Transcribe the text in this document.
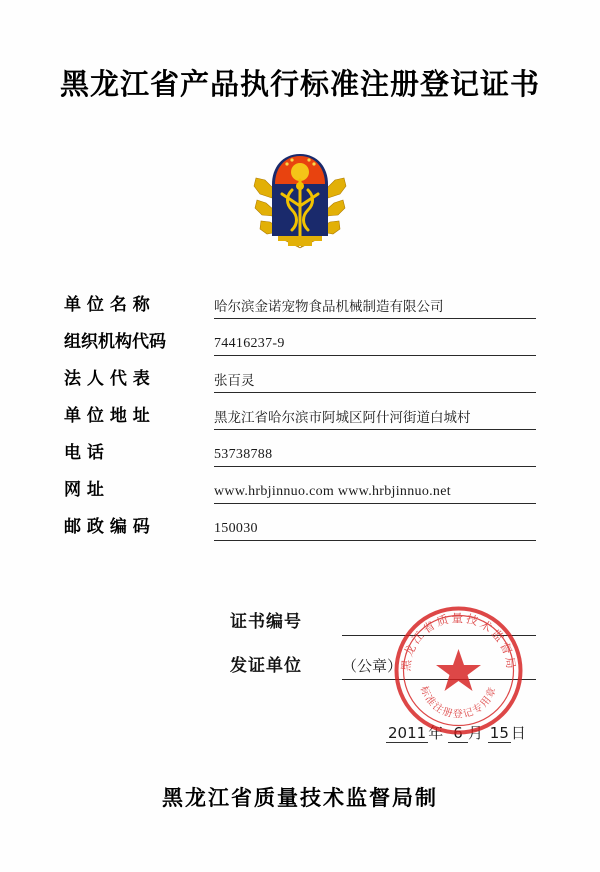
黑龙江省产品执行标准注册登记证书
单 位 名 称	哈尔滨金诺宠物食品机械制造有限公司
组织机构代码	74416237-9
法 人 代 表	张百灵
单 位 地 址	黑龙江省哈尔滨市阿城区阿什河街道白城村
电 话	53738788
网 址	www.hrbjinnuo.com www.hrbjinnuo.net
邮 政 编 码	150030
证书编号
发证单位	（公章）
2011 年 6 月 15 日
黑龙江省质量技术监督局
标准注册登记专用章
黑龙江省质量技术监督局制
